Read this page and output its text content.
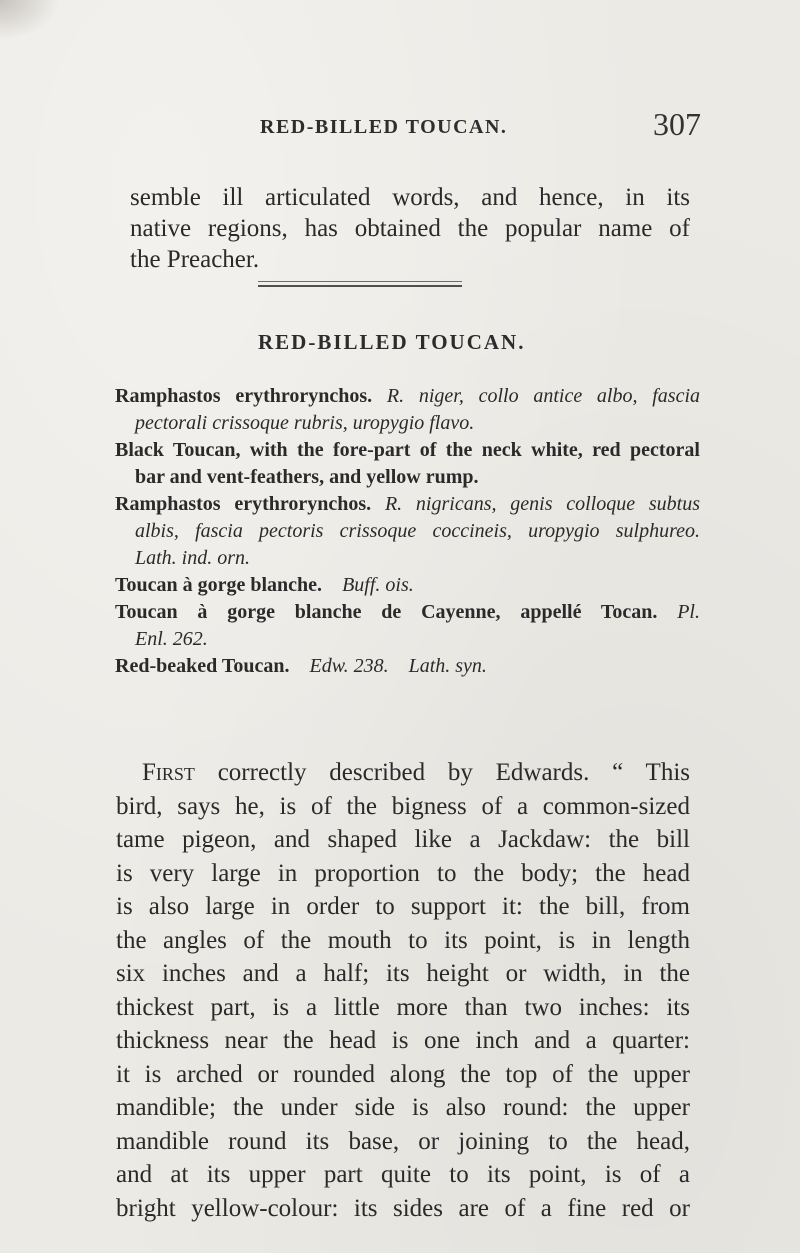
RED-BILLED TOUCAN.	307
semble ill articulated words, and hence, in its
native regions, has obtained the popular name of
the Preacher.
RED-BILLED TOUCAN.
Ramphastos erythrorynchos. R. niger, collo antice albo, fascia
pectorali crissoque rubris, uropygio flavo.
Black Toucan, with the fore-part of the neck white, red pectoral
bar and vent-feathers, and yellow rump.
Ramphastos erythrorynchos. R. nigricans, genis colloque subtus
albis, fascia pectoris crissoque coccineis, uropygio sulphureo.
Lath. ind. orn.
Toucan à gorge blanche. Buff. ois.
Toucan à gorge blanche de Cayenne, appellé Tocan. Pl.
Enl. 262.
Red-beaked Toucan. Edw. 238. Lath. syn.
First correctly described by Edwards. “ This
bird, says he, is of the bigness of a common-sized
tame pigeon, and shaped like a Jackdaw: the bill
is very large in proportion to the body; the head
is also large in order to support it: the bill, from
the angles of the mouth to its point, is in length
six inches and a half; its height or width, in the
thickest part, is a little more than two inches: its
thickness near the head is one inch and a quarter:
it is arched or rounded along the top of the upper
mandible; the under side is also round: the upper
mandible round its base, or joining to the head,
and at its upper part quite to its point, is of a
bright yellow-colour: its sides are of a fine red or
